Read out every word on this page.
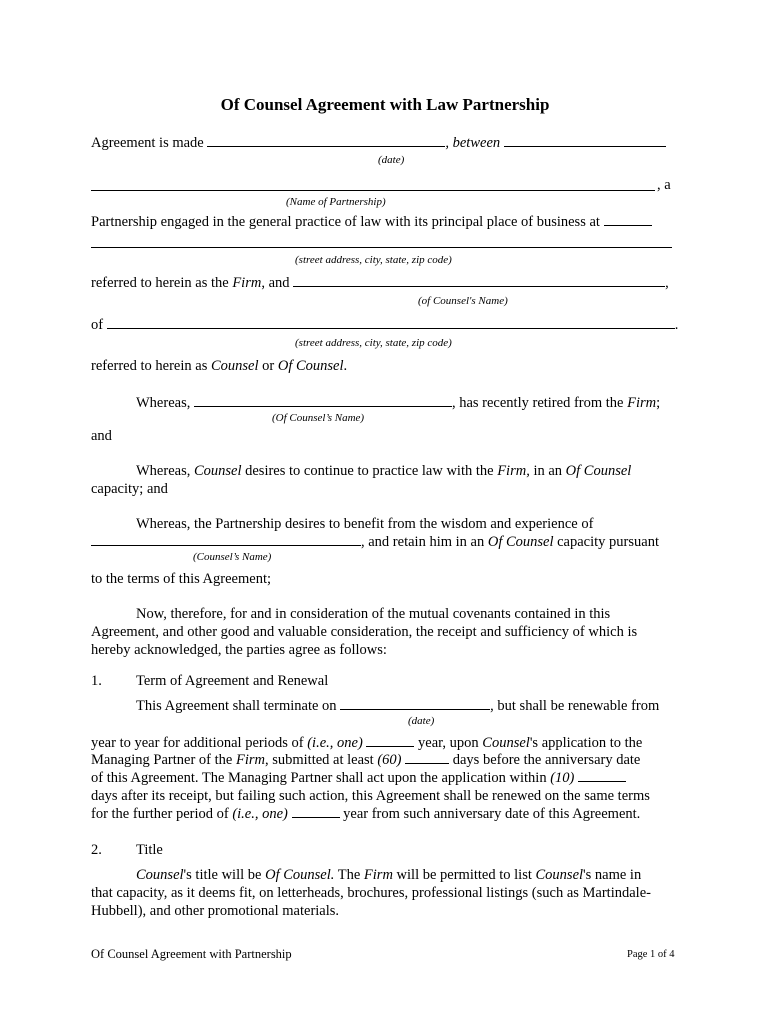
Of Counsel Agreement with Law Partnership
Agreement is made	, between
(date)
, a
(Name of Partnership)
Partnership engaged in the general practice of law with its principal place of business at
(street address, city, state, zip code)
referred to herein as the Firm, and	,
(of Counsel's Name)
of	.
(street address, city, state, zip code)
referred to herein as Counsel or Of Counsel.
Whereas,	, has recently retired from the Firm;
(Of Counsel’s Name)
and
Whereas, Counsel desires to continue to practice law with the Firm, in an Of Counsel
capacity; and
Whereas, the Partnership desires to benefit from the wisdom and experience of
, and retain him in an Of Counsel capacity pursuant
(Counsel’s Name)
to the terms of this Agreement;
Now, therefore, for and in consideration of the mutual covenants contained in this
Agreement, and other good and valuable consideration, the receipt and sufficiency of which is
hereby acknowledged, the parties agree as follows:
1. Term of Agreement and Renewal
This Agreement shall terminate on	, but shall be renewable from
(date)
year to year for additional periods of (i.e., one)	year, upon Counsel's application to the
Managing Partner of the Firm, submitted at least (60)	days before the anniversary date
of this Agreement. The Managing Partner shall act upon the application within (10)
days after its receipt, but failing such action, this Agreement shall be renewed on the same terms
for the further period of (i.e., one)	year from such anniversary date of this Agreement.
2. Title
Counsel's title will be Of Counsel. The Firm will be permitted to list Counsel's name in
that capacity, as it deems fit, on letterheads, brochures, professional listings (such as Martindale-
Hubbell), and other promotional materials.
Of Counsel Agreement with Partnership	Page 1 of 4
